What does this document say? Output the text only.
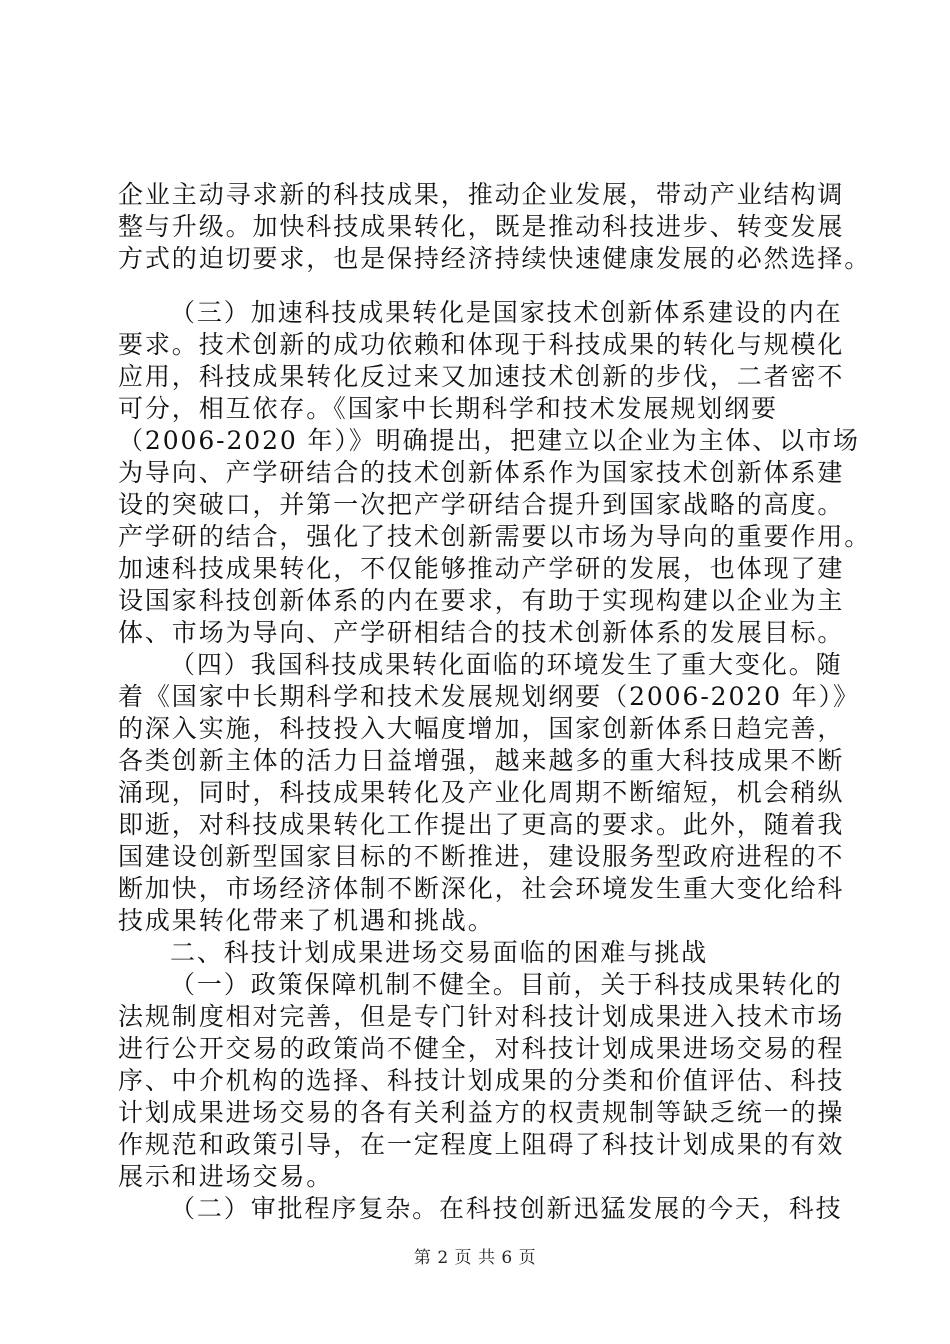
企业主动寻求新的科技成果，推动企业发展，带动产业结构调
整与升级。加快科技成果转化，既是推动科技进步、转变发展
方式的迫切要求，也是保持经济持续快速健康发展的必然选择。
（三）加速科技成果转化是国家技术创新体系建设的内在
要求。技术创新的成功依赖和体现于科技成果的转化与规模化
应用，科技成果转化反过来又加速技术创新的步伐，二者密不
可分，相互依存。《国家中长期科学和技术发展规划纲要
（2006-2020 年）》明确提出，把建立以企业为主体、以市场
为导向、产学研结合的技术创新体系作为国家技术创新体系建
设的突破口，并第一次把产学研结合提升到国家战略的高度。
产学研的结合，强化了技术创新需要以市场为导向的重要作用。
加速科技成果转化，不仅能够推动产学研的发展，也体现了建
设国家科技创新体系的内在要求，有助于实现构建以企业为主
体、市场为导向、产学研相结合的技术创新体系的发展目标。
（四）我国科技成果转化面临的环境发生了重大变化。随
着《国家中长期科学和技术发展规划纲要（2006-2020 年）》
的深入实施，科技投入大幅度增加，国家创新体系日趋完善，
各类创新主体的活力日益增强，越来越多的重大科技成果不断
涌现，同时，科技成果转化及产业化周期不断缩短，机会稍纵
即逝，对科技成果转化工作提出了更高的要求。此外，随着我
国建设创新型国家目标的不断推进，建设服务型政府进程的不
断加快，市场经济体制不断深化，社会环境发生重大变化给科
技成果转化带来了机遇和挑战。
二、科技计划成果进场交易面临的困难与挑战
（一）政策保障机制不健全。目前，关于科技成果转化的
法规制度相对完善，但是专门针对科技计划成果进入技术市场
进行公开交易的政策尚不健全，对科技计划成果进场交易的程
序、中介机构的选择、科技计划成果的分类和价值评估、科技
计划成果进场交易的各有关利益方的权责规制等缺乏统一的操
作规范和政策引导，在一定程度上阻碍了科技计划成果的有效
展示和进场交易。
（二）审批程序复杂。在科技创新迅猛发展的今天，科技
第 2 页 共 6 页
